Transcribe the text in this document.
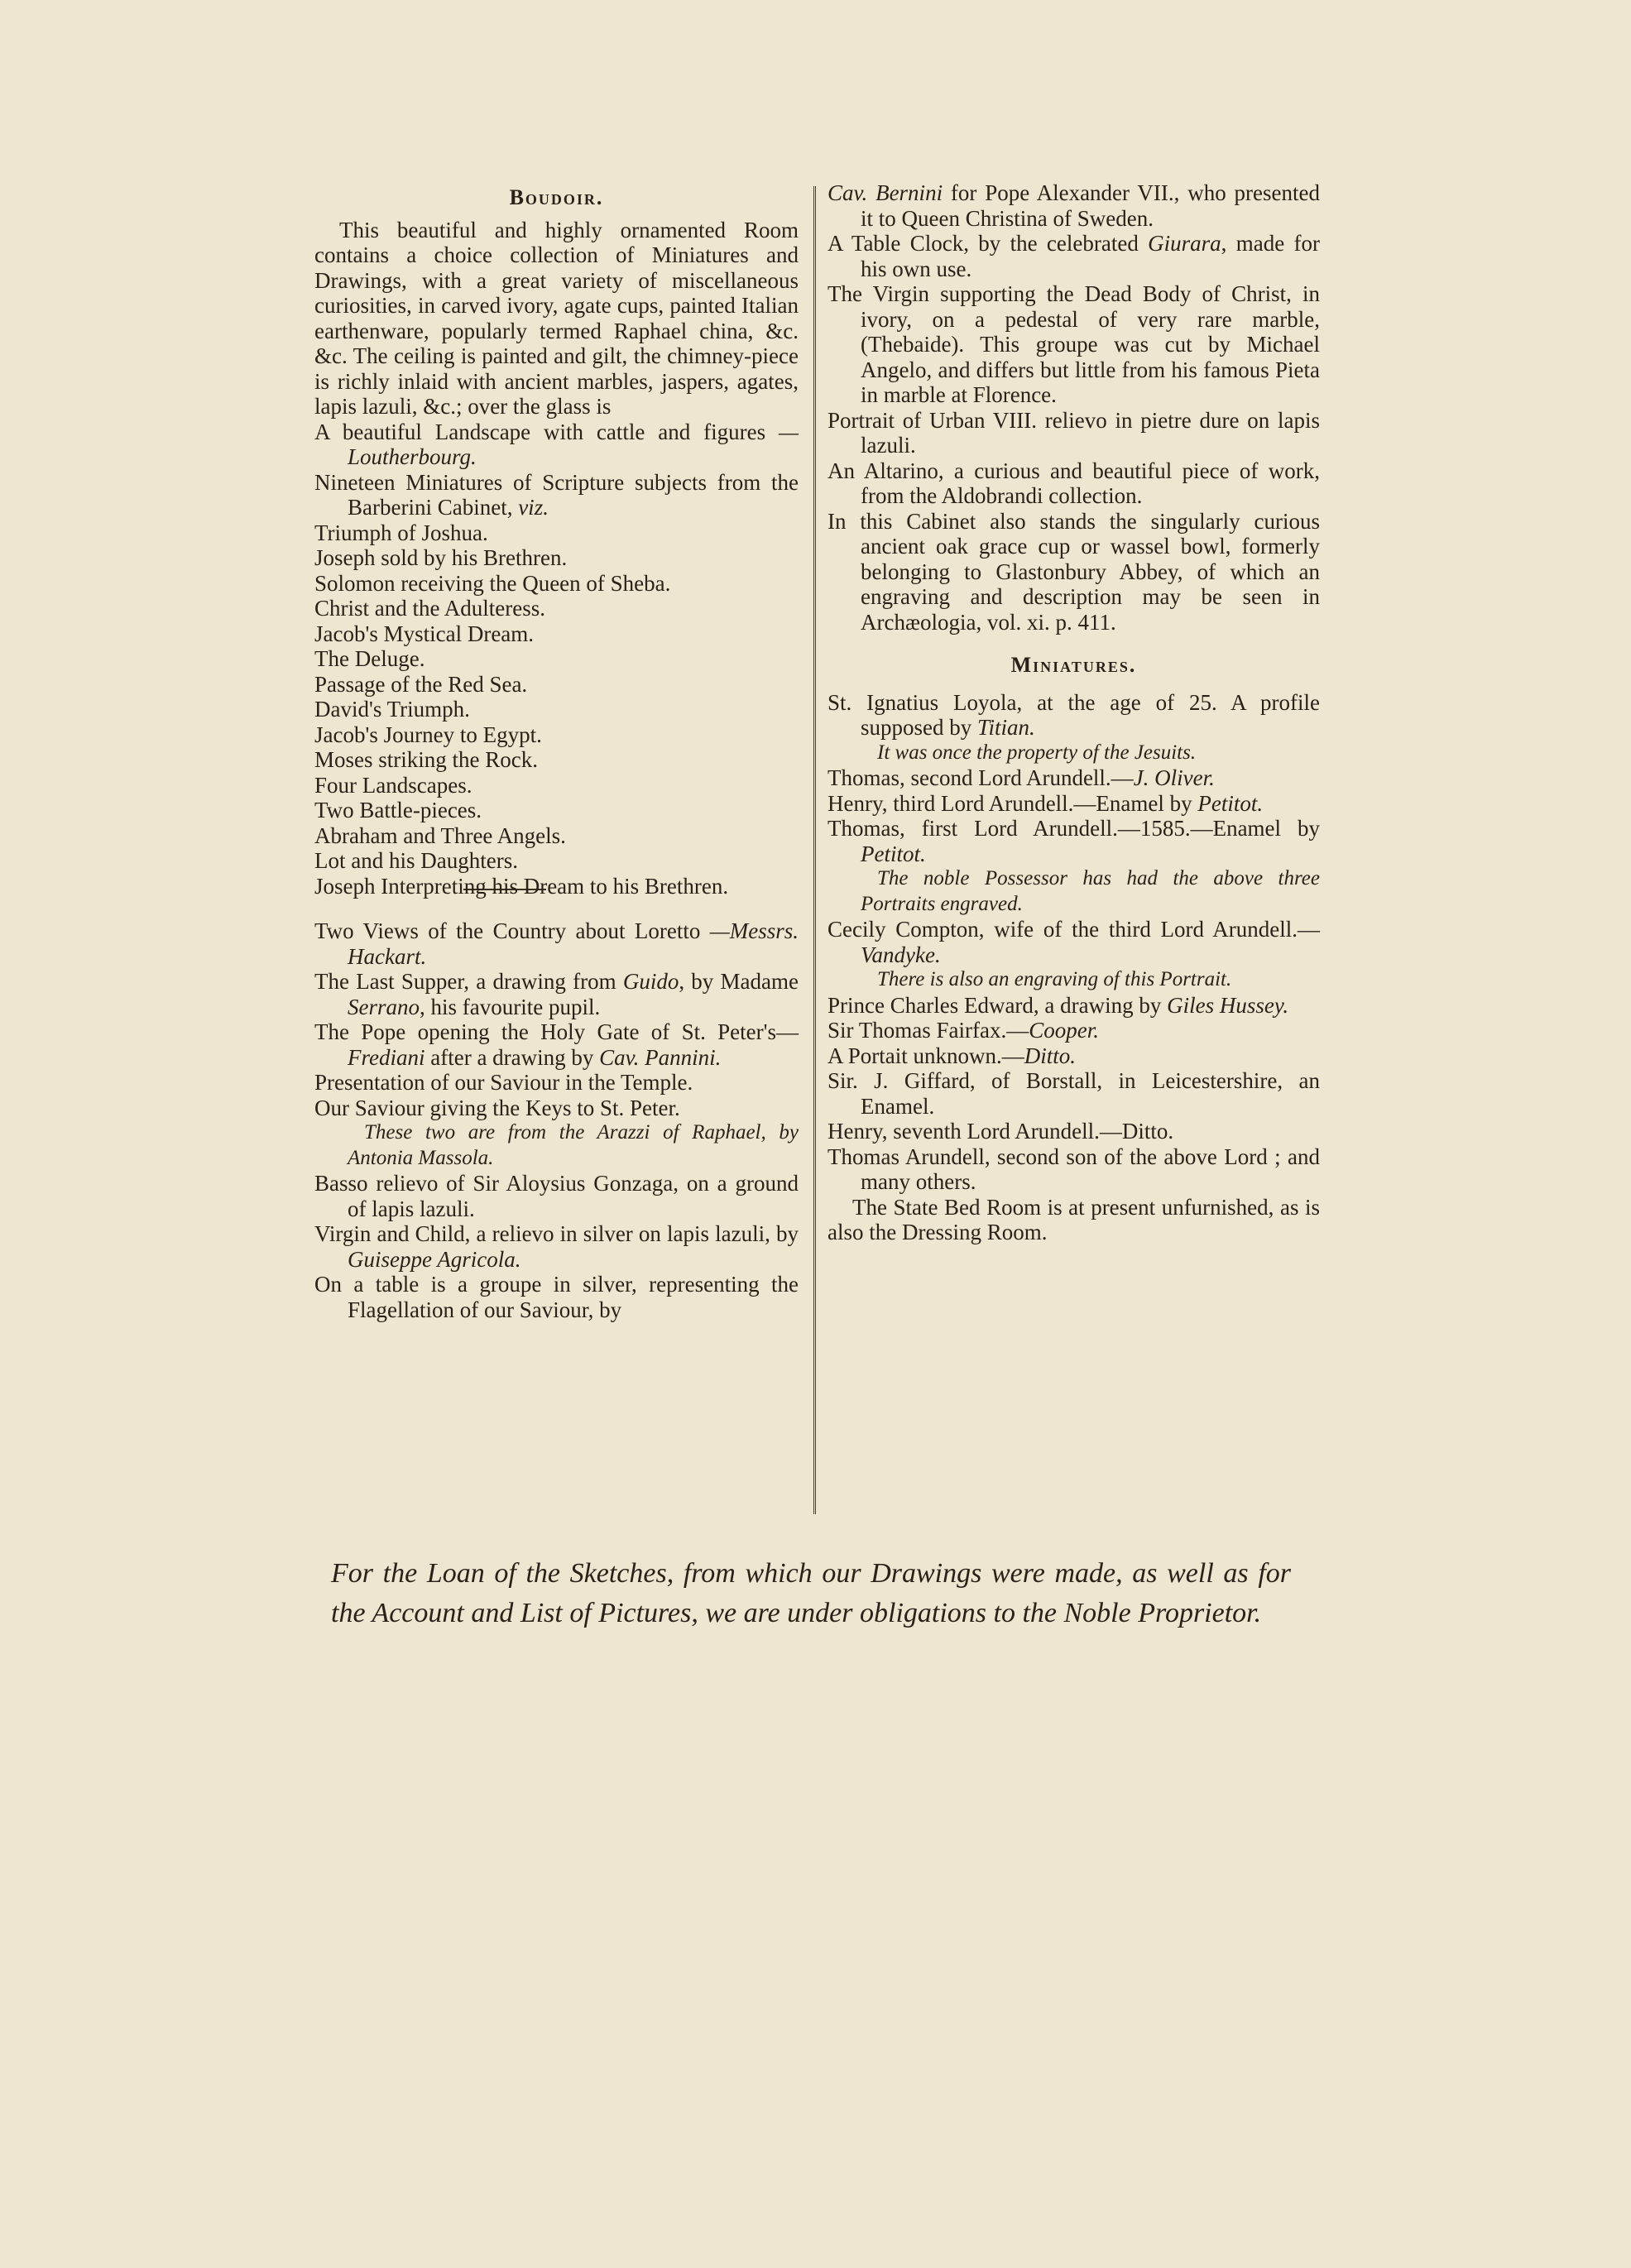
Boudoir.

This beautiful and highly ornamented Room contains a choice collection of Miniatures and Drawings, with a great variety of miscellaneous curiosities, in carved ivory, agate cups, painted Italian earthenware, popularly termed Raphael china, &c. &c. The ceiling is painted and gilt, the chimney-piece is richly inlaid with ancient marbles, jaspers, agates, lapis lazuli, &c.; over the glass is

A beautiful Landscape with cattle and figures —Loutherbourg.

Nineteen Miniatures of Scripture subjects from the Barberini Cabinet, viz.

Triumph of Joshua.

Joseph sold by his Brethren.

Solomon receiving the Queen of Sheba.

Christ and the Adulteress.

Jacob's Mystical Dream.

The Deluge.

Passage of the Red Sea.

David's Triumph.

Jacob's Journey to Egypt.

Moses striking the Rock.

Four Landscapes.

Two Battle-pieces.

Abraham and Three Angels.

Lot and his Daughters.

Joseph Interpreting his Dream to his Brethren.

Two Views of the Country about Loretto —Messrs. Hackart.

The Last Supper, a drawing from Guido, by Madame Serrano, his favourite pupil.

The Pope opening the Holy Gate of St. Peter's—Frediani after a drawing by Cav. Pannini.

Presentation of our Saviour in the Temple.

Our Saviour giving the Keys to St. Peter.

These two are from the Arazzi of Raphael, by Antonia Massola.

Basso relievo of Sir Aloysius Gonzaga, on a ground of lapis lazuli.

Virgin and Child, a relievo in silver on lapis lazuli, by Guiseppe Agricola.

On a table is a groupe in silver, representing the Flagellation of our Saviour, by

Cav. Bernini for Pope Alexander VII., who presented it to Queen Christina of Sweden.

A Table Clock, by the celebrated Giurara, made for his own use.

The Virgin supporting the Dead Body of Christ, in ivory, on a pedestal of very rare marble, (Thebaide). This groupe was cut by Michael Angelo, and differs but little from his famous Pieta in marble at Florence.

Portrait of Urban VIII. relievo in pietre dure on lapis lazuli.

An Altarino, a curious and beautiful piece of work, from the Aldobrandi collection.

In this Cabinet also stands the singularly curious ancient oak grace cup or wassel bowl, formerly belonging to Glastonbury Abbey, of which an engraving and description may be seen in Archæologia, vol. xi. p. 411.

Miniatures.

St. Ignatius Loyola, at the age of 25. A profile supposed by Titian.

It was once the property of the Jesuits.

Thomas, second Lord Arundell.—J. Oliver.

Henry, third Lord Arundell.—Enamel by Petitot.

Thomas, first Lord Arundell.—1585.—Enamel by Petitot.

The noble Possessor has had the above three Portraits engraved.

Cecily Compton, wife of the third Lord Arundell.—Vandyke.

There is also an engraving of this Portrait.

Prince Charles Edward, a drawing by Giles Hussey.

Sir Thomas Fairfax.—Cooper.

A Portait unknown.—Ditto.

Sir. J. Giffard, of Borstall, in Leicestershire, an Enamel.

Henry, seventh Lord Arundell.—Ditto.

Thomas Arundell, second son of the above Lord ; and many others.

The State Bed Room is at present unfurnished, as is also the Dressing Room.

For the Loan of the Sketches, from which our Drawings were made, as well as for the Account and List of Pictures, we are under obligations to the Noble Proprietor.
